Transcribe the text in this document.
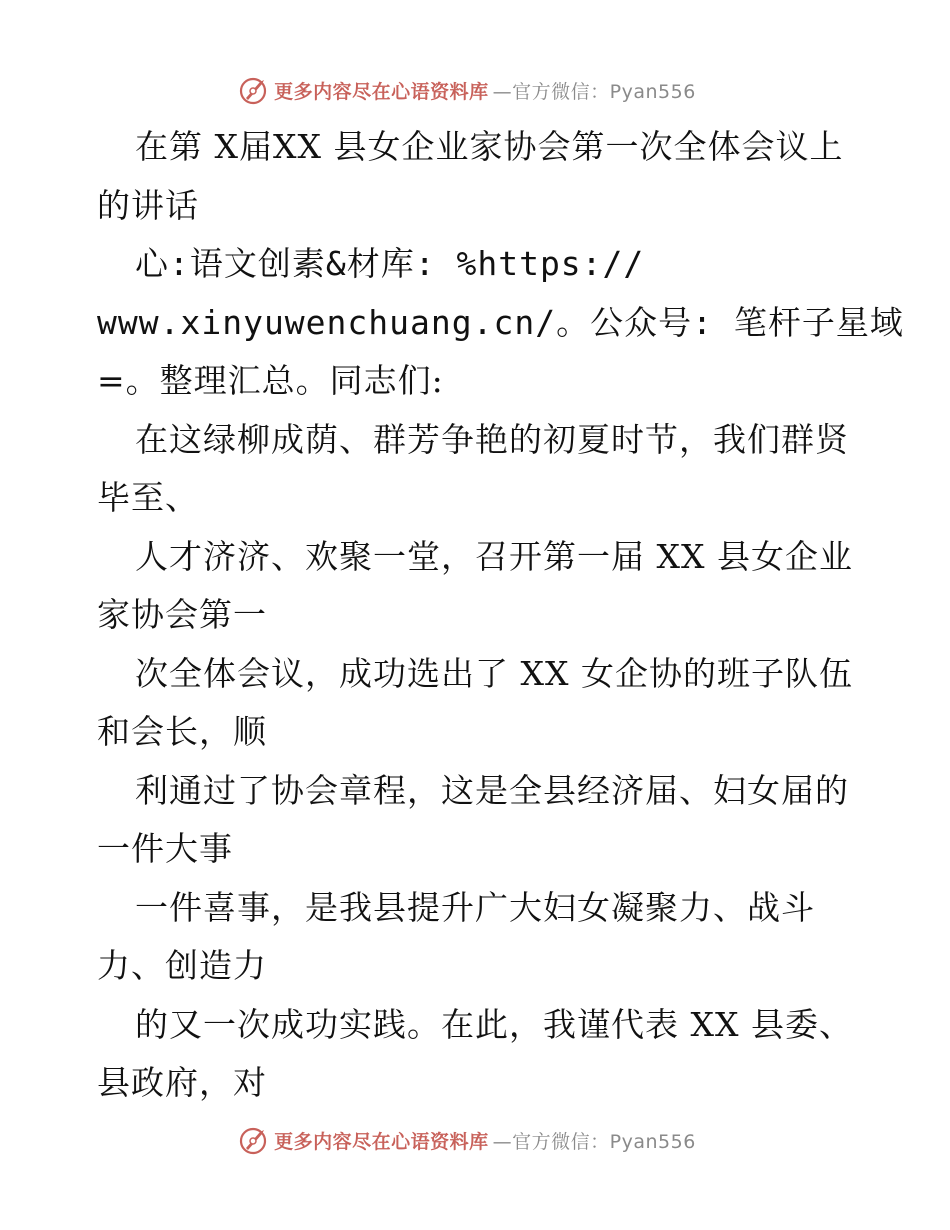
更多内容尽在心语资料库 —官方微信：Pyan556
在第 X届XX 县女企业家协会第一次全体会议上
的讲话
心:语文创素&材库: %https://
www.xinyuwenchuang.cn/。公众号: 笔杆子星域
=。整理汇总。同志们:
在这绿柳成荫、群芳争艳的初夏时节，我们群贤
毕至、
人才济济、欢聚一堂，召开第一届 XX 县女企业
家协会第一
次全体会议，成功选出了 XX 女企协的班子队伍
和会长，顺
利通过了协会章程，这是全县经济届、妇女届的
一件大事
一件喜事，是我县提升广大妇女凝聚力、战斗
力、创造力
的又一次成功实践。在此，我谨代表 XX 县委、
县政府，对
更多内容尽在心语资料库 —官方微信：Pyan556
